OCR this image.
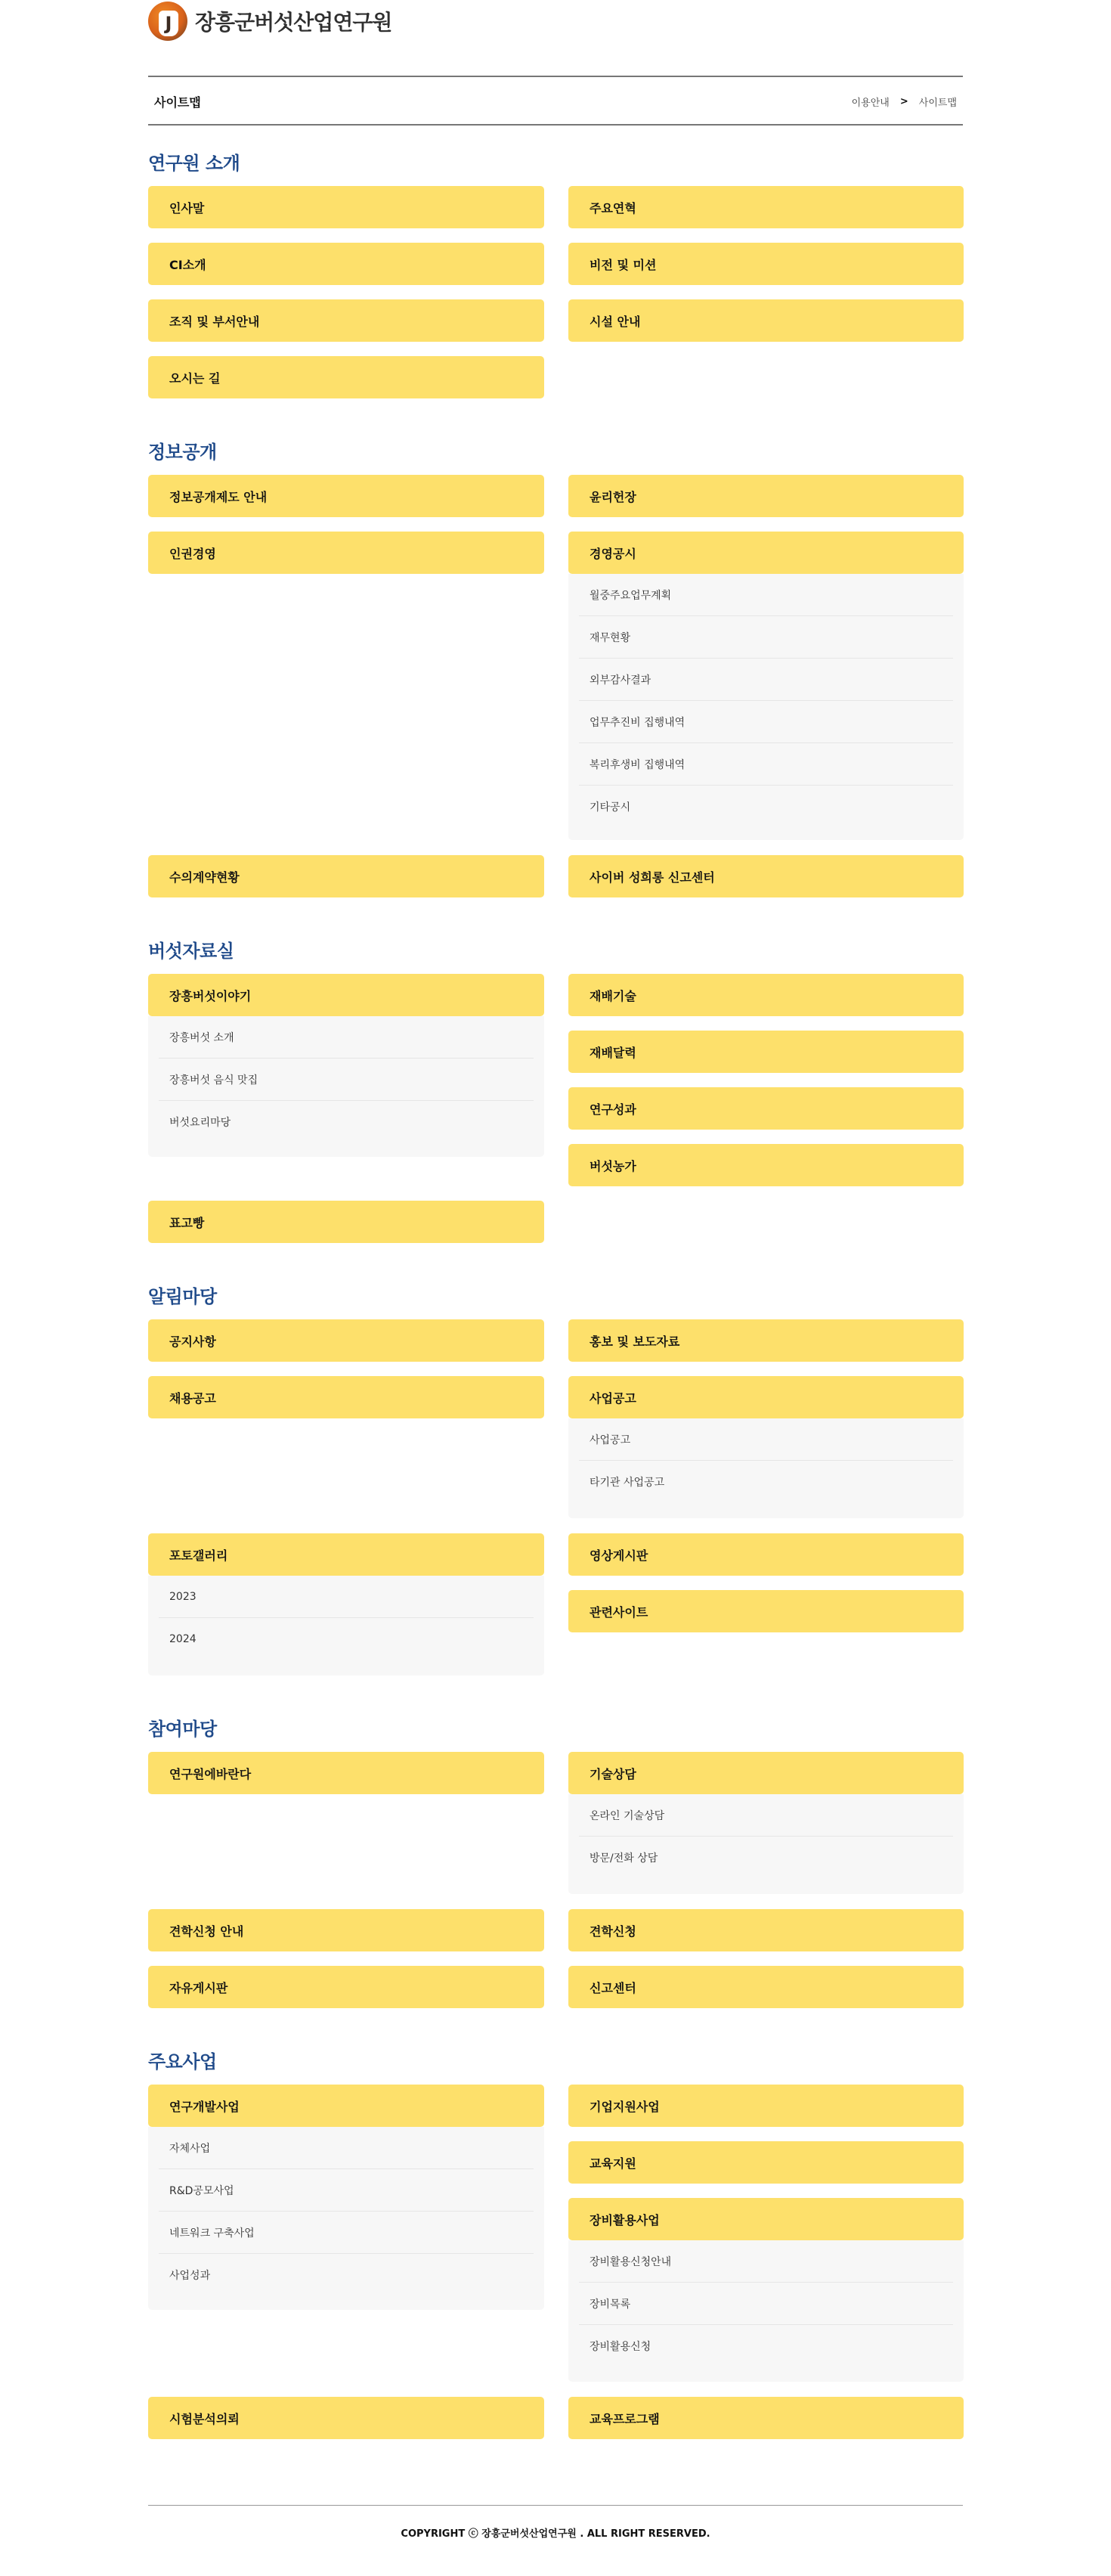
J	장흥군버섯산업연구원
사이트맵	이용안내 > 사이트맵
연구원 소개
인사말	주요연혁
CI소개	비전 및 미션
조직 및 부서안내	시설 안내
오시는 길
정보공개
정보공개제도 안내	윤리헌장
인권경영	경영공시
월중주요업무계획
재무현황
외부감사결과
업무추진비 집행내역
복리후생비 집행내역
기타공시
수의계약현황	사이버 성희롱 신고센터
버섯자료실
장흥버섯이야기
장흥버섯 소개
장흥버섯 음식 맛집
버섯요리마당
재배기술
재배달력
연구성과
버섯농가
표고빵
알림마당
공지사항	홍보 및 보도자료
채용공고	사업공고
사업공고
타기관 사업공고
포토갤러리
2023
2024
영상게시판
관련사이트
참여마당
연구원에바란다	기술상담
온라인 기술상담
방문/전화 상담
견학신청 안내	견학신청
자유게시판	신고센터
주요사업
연구개발사업
자체사업
R&D공모사업
네트워크 구축사업
사업성과
기업지원사업
교육지원
장비활용사업
장비활용신청안내
장비목록
장비활용신청
시험분석의뢰	교육프로그램
COPYRIGHT ⓒ 장흥군버섯산업연구원 . ALL RIGHT RESERVED.
